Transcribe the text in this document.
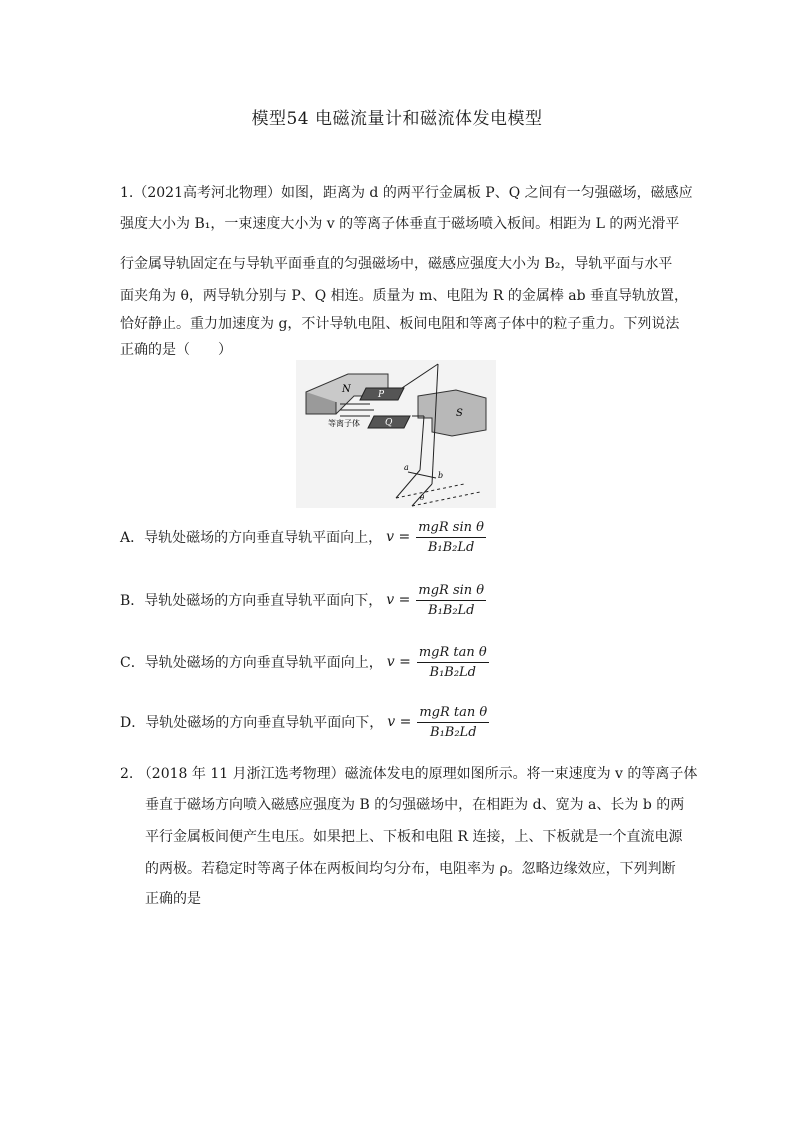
模型54 电磁流量计和磁流体发电模型
1.（2021高考河北物理）如图，距离为 d 的两平行金属板 P、Q 之间有一匀强磁场，磁感应
强度大小为 B₁，一束速度大小为 v 的等离子体垂直于磁场喷入板间。相距为 L 的两光滑平
行金属导轨固定在与导轨平面垂直的匀强磁场中，磁感应强度大小为 B₂，导轨平面与水平
面夹角为 θ，两导轨分别与 P、Q 相连。质量为 m、电阻为 R 的金属棒 ab 垂直导轨放置，
恰好静止。重力加速度为 g，不计导轨电阻、板间电阻和等离子体中的粒子重力。下列说法
正确的是（　　）
N	P
Q
等离子体
S
a
b
θ
A．导轨处磁场的方向垂直导轨平面向上， $v = \frac{\text{mgR sin θ}}{\text{B₁B₂Ld}}$
B．导轨处磁场的方向垂直导轨平面向下， $v = \frac{\text{mgR sin θ}}{\text{B₁B₂Ld}}$
C．导轨处磁场的方向垂直导轨平面向上， $v = \frac{\text{mgR tan θ}}{\text{B₁B₂Ld}}$
D．导轨处磁场的方向垂直导轨平面向下， $v = \frac{\text{mgR tan θ}}{\text{B₁B₂Ld}}$
2. （2018 年 11 月浙江选考物理）磁流体发电的原理如图所示。将一束速度为 v 的等离子体
垂直于磁场方向喷入磁感应强度为 B 的匀强磁场中，在相距为 d、宽为 a、长为 b 的两
平行金属板间便产生电压。如果把上、下板和电阻 R 连接，上、下板就是一个直流电源
的两极。若稳定时等离子体在两板间均匀分布，电阻率为 ρ。忽略边缘效应，下列判断
正确的是
